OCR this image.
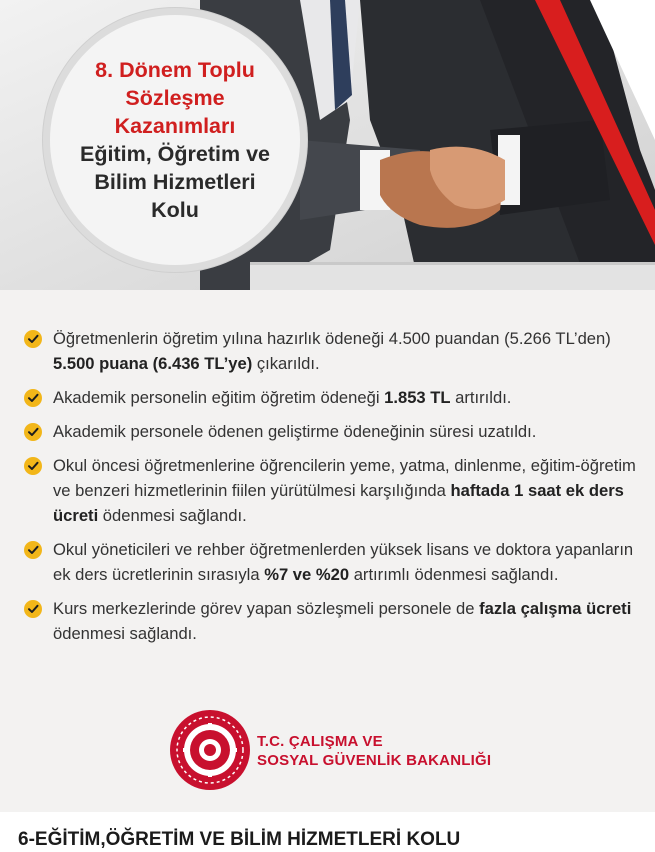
8. Dönem Toplu
Sözleşme
Kazanımları
Eğitim, Öğretim ve
Bilim Hizmetleri
Kolu
Öğretmenlerin öğretim yılına hazırlık ödeneği 4.500 puandan (5.266 TL’den) 5.500 puana (6.436 TL’ye) çıkarıldı.
Akademik personelin eğitim öğretim ödeneği 1.853 TL artırıldı.
Akademik personele ödenen geliştirme ödeneğinin süresi uzatıldı.
Okul öncesi öğretmenlerine öğrencilerin yeme, yatma, dinlenme, eğitim-öğretim ve benzeri hizmetlerinin fiilen yürütülmesi karşılığında haftada 1 saat ek ders ücreti ödenmesi sağlandı.
Okul yöneticileri ve rehber öğretmenlerden yüksek lisans ve doktora yapanların ek ders ücretlerinin sırasıyla %7 ve %20 artırımlı ödenmesi sağlandı.
Kurs merkezlerinde görev yapan sözleşmeli personele de fazla çalışma ücreti ödenmesi sağlandı.
T.C. ÇALIŞMA VE
SOSYAL GÜVENLİK BAKANLIĞI
6-EĞİTİM,ÖĞRETİM VE BİLİM HİZMETLERİ KOLU
